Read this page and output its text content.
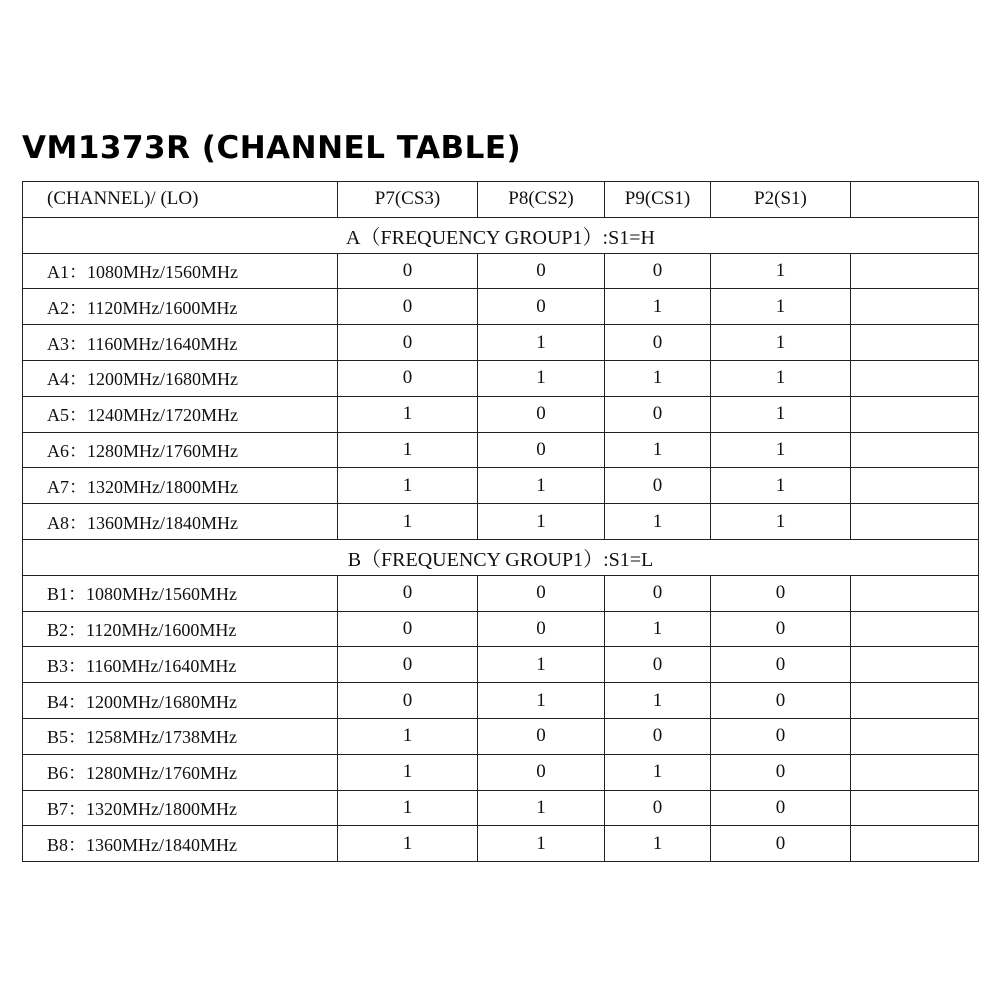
VM1373R (CHANNEL TABLE)
(CHANNEL)/ (LO)	P7(CS3)	P8(CS2)	P9(CS1)	P2(S1)	
A（FREQUENCY GROUP1）:S1=H					
A1：1080MHz/1560MHz	0	0	0	1	
A2：1120MHz/1600MHz	0	0	1	1	
A3：1160MHz/1640MHz	0	1	0	1	
A4：1200MHz/1680MHz	0	1	1	1	
A5：1240MHz/1720MHz	1	0	0	1	
A6：1280MHz/1760MHz	1	0	1	1	
A7：1320MHz/1800MHz	1	1	0	1	
A8：1360MHz/1840MHz	1	1	1	1	
B（FREQUENCY GROUP1）:S1=L					
B1：1080MHz/1560MHz	0	0	0	0	
B2：1120MHz/1600MHz	0	0	1	0	
B3：1160MHz/1640MHz	0	1	0	0	
B4：1200MHz/1680MHz	0	1	1	0	
B5：1258MHz/1738MHz	1	0	0	0	
B6：1280MHz/1760MHz	1	0	1	0	
B7：1320MHz/1800MHz	1	1	0	0	
B8：1360MHz/1840MHz	1	1	1	0	
